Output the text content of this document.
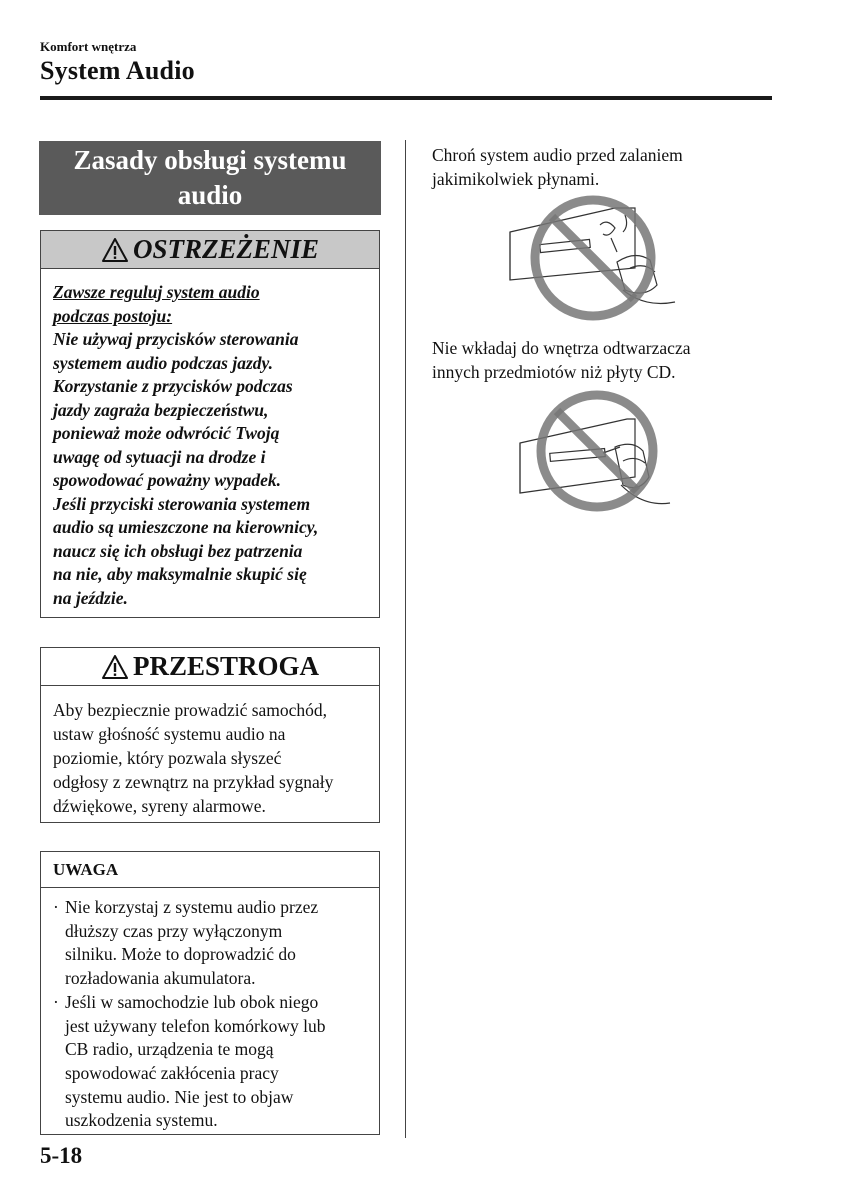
Komfort wnętrza
System Audio
Zasady obsługi systemu
audio
OSTRZEŻENIE
Zawsze reguluj system audio
podczas postoju:
Nie używaj przycisków sterowania
systemem audio podczas jazdy.
Korzystanie z przycisków podczas
jazdy zagraża bezpieczeństwu,
ponieważ może odwrócić Twoją
uwagę od sytuacji na drodze i
spowodować poważny wypadek.
Jeśli przyciski sterowania systemem
audio są umieszczone na kierownicy,
naucz się ich obsługi bez patrzenia
na nie, aby maksymalnie skupić się
na jeździe.
PRZESTROGA
Aby bezpiecznie prowadzić samochód,
ustaw głośność systemu audio na
poziomie, który pozwala słyszeć
odgłosy z zewnątrz na przykład sygnały
dźwiękowe, syreny alarmowe.
UWAGA
· Nie korzystaj z systemu audio przez
dłuższy czas przy wyłączonym
silniku. Może to doprowadzić do
rozładowania akumulatora.
· Jeśli w samochodzie lub obok niego
jest używany telefon komórkowy lub
CB radio, urządzenia te mogą
spowodować zakłócenia pracy
systemu audio. Nie jest to objaw
uszkodzenia systemu.
Chroń system audio przed zalaniem
jakimikolwiek płynami.
Nie wkładaj do wnętrza odtwarzacza
innych przedmiotów niż płyty CD.
5-18
